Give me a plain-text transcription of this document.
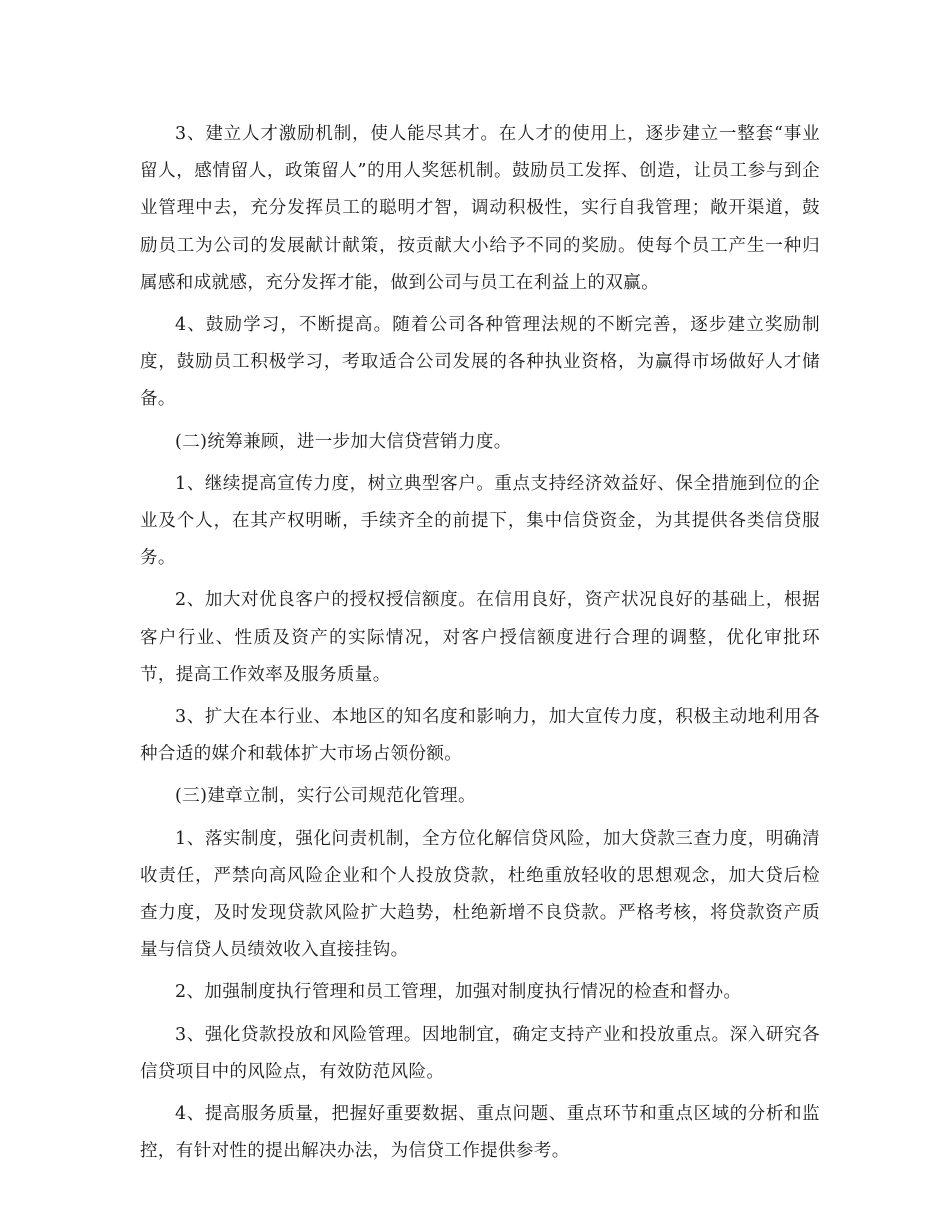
3、建立人才激励机制，使人能尽其才。在人才的使用上，逐步建立一整套“事业留人，感情留人，政策留人”的用人奖惩机制。鼓励员工发挥、创造，让员工参与到企业管理中去，充分发挥员工的聪明才智，调动积极性，实行自我管理；敞开渠道，鼓励员工为公司的发展献计献策，按贡献大小给予不同的奖励。使每个员工产生一种归属感和成就感，充分发挥才能，做到公司与员工在利益上的双赢。

4、鼓励学习，不断提高。随着公司各种管理法规的不断完善，逐步建立奖励制度，鼓励员工积极学习，考取适合公司发展的各种执业资格，为赢得市场做好人才储备。

(二)统筹兼顾，进一步加大信贷营销力度。

1、继续提高宣传力度，树立典型客户。重点支持经济效益好、保全措施到位的企业及个人，在其产权明晰，手续齐全的前提下，集中信贷资金，为其提供各类信贷服务。

2、加大对优良客户的授权授信额度。在信用良好，资产状况良好的基础上，根据客户行业、性质及资产的实际情况，对客户授信额度进行合理的调整，优化审批环节，提高工作效率及服务质量。

3、扩大在本行业、本地区的知名度和影响力，加大宣传力度，积极主动地利用各种合适的媒介和载体扩大市场占领份额。

(三)建章立制，实行公司规范化管理。

1、落实制度，强化问责机制，全方位化解信贷风险，加大贷款三查力度，明确清收责任，严禁向高风险企业和个人投放贷款，杜绝重放轻收的思想观念，加大贷后检查力度，及时发现贷款风险扩大趋势，杜绝新增不良贷款。严格考核，将贷款资产质量与信贷人员绩效收入直接挂钩。

2、加强制度执行管理和员工管理，加强对制度执行情况的检查和督办。

3、强化贷款投放和风险管理。因地制宜，确定支持产业和投放重点。深入研究各信贷项目中的风险点，有效防范风险。

4、提高服务质量，把握好重要数据、重点问题、重点环节和重点区域的分析和监控，有针对性的提出解决办法，为信贷工作提供参考。
